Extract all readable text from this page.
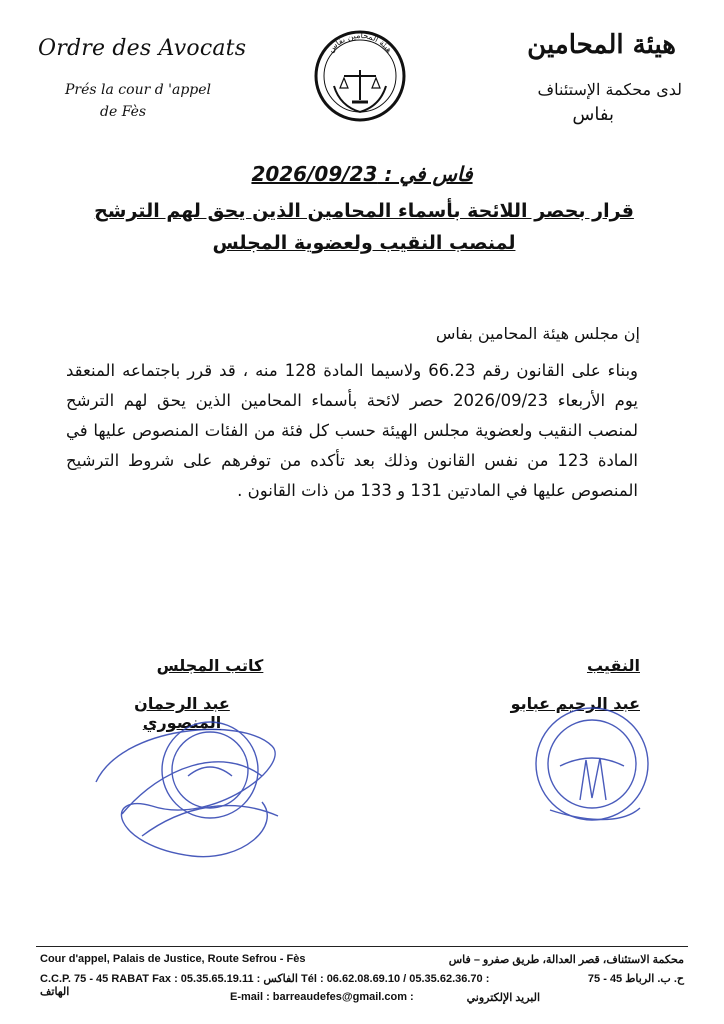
Ordre des Avocats
Prés la cour d 'appel
de Fès
هيئة المحامين بفاس	هيئة المحامين
لدى محكمة الإستئناف
بفاس
فاس في : 2026/09/23
قرار بحصر اللائحة بأسماء المحامين الذين يحق لهم الترشح
لمنصب النقيب ولعضوية المجلس
إن مجلس هيئة المحامين بفاس
وبناء على القانون رقم 66.23 ولاسيما المادة 128 منه ، قد قرر باجتماعه المنعقد يوم الأربعاء 2026/09/23 حصر لائحة بأسماء المحامين الذين يحق لهم الترشح لمنصب النقيب ولعضوية مجلس الهيئة حسب كل فئة من الفئات المنصوص عليها في المادة 123 من نفس القانون وذلك بعد تأكده من توفرهم على شروط الترشيح المنصوص عليها في المادتين 131 و 133 من ذات القانون .
النقيب
عبد الرحيم عبابو
كاتب المجلس
عبد الرحمان المنصوري
Cour d'appel, Palais de Justice, Route Sefrou - Fès	محكمة الاستئناف، قصر العدالة، طريق صفرو – فاس
C.C.P. 75 - 45 RABAT Fax : 05.35.65.19.11 : الفاكس Tél : 06.62.08.69.10 / 05.35.62.36.70 : الهاتف
ح. ب. الرباط 45 - 75
E-mail : barreaudefes@gmail.com :	البريد الإلكتروني
